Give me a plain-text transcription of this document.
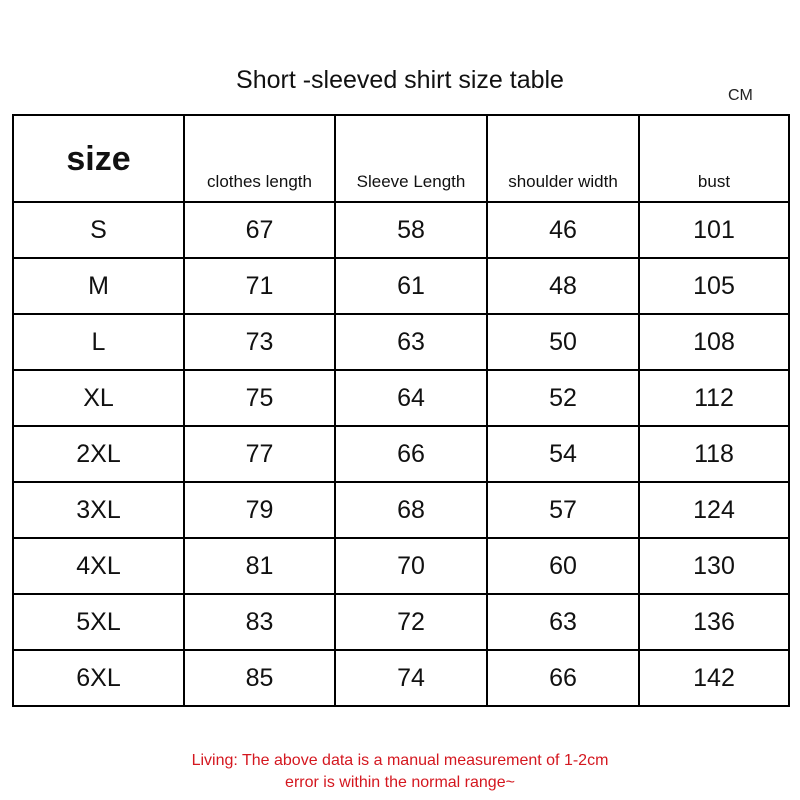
Short -sleeved shirt size table
CM
size	clothes length	Sleeve Length	shoulder width	bust
S	67	58	46	101
M	71	61	48	105
L	73	63	50	108
XL	75	64	52	112
2XL	77	66	54	118
3XL	79	68	57	124
4XL	81	70	60	130
5XL	83	72	63	136
6XL	85	74	66	142
Living: The above data is a manual measurement of 1-2cm
error is within the normal range~
